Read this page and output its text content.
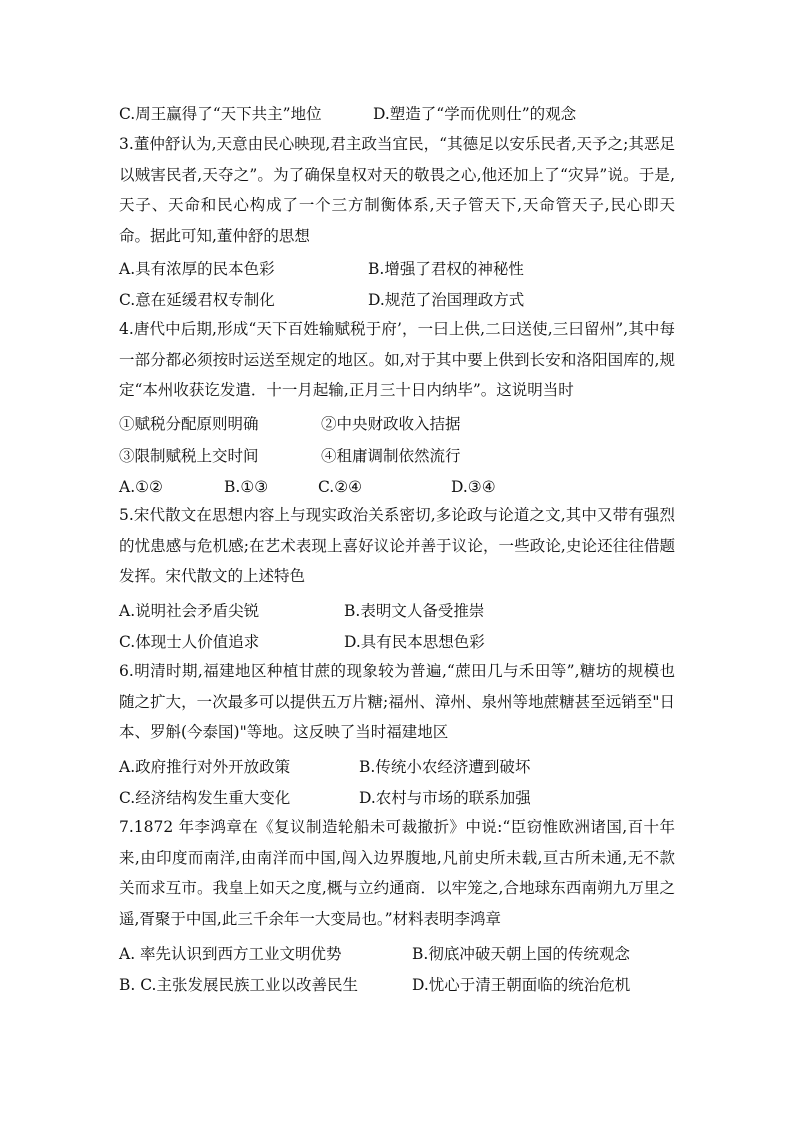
C.周王赢得了“天下共主”地位	D.塑造了“学而优则仕”的观念
3.董仲舒认为,天意由民心映现,君主政当宜民，“其德足以安乐民者,天予之;其恶足以贼害民者,天夺之”。为了确保皇权对天的敬畏之心,他还加上了“灾异”说。于是,天子、天命和民心构成了一个三方制衡体系,天子管天下,天命管天子,民心即天命。据此可知,董仲舒的思想
A.具有浓厚的民本色彩	B.增强了君权的神秘性
C.意在延缓君权专制化	D.规范了治国理政方式
4.唐代中后期,形成“天下百姓输赋税于府’，一曰上供,二曰送使,三曰留州”,其中每一部分都必须按时运送至规定的地区。如,对于其中要上供到长安和洛阳国库的,规定“本州收获讫发遣．十一月起输,正月三十日内纳毕”。这说明当时
①赋税分配原则明确	②中央财政收入拮据
③限制赋税上交时间	④租庸调制依然流行
A.①②	B.①③	C.②④	D.③④
5.宋代散文在思想内容上与现实政治关系密切,多论政与论道之文,其中又带有强烈的忧患感与危机感;在艺术表现上喜好议论并善于议论，一些政论,史论还往往借题发挥。宋代散文的上述特色
A.说明社会矛盾尖锐	B.表明文人备受推崇
C.体现士人价值追求	D.具有民本思想色彩
6.明清时期,福建地区种植甘蔗的现象较为普遍,“蔗田几与禾田等”,糖坊的规模也随之扩大，一次最多可以提供五万片糖;福州、漳州、泉州等地蔗糖甚至远销至"日本、罗斛(今泰国)"等地。这反映了当时福建地区
A.政府推行对外开放政策	B.传统小农经济遭到破坏
C.经济结构发生重大变化	D.农村与市场的联系加强
7.1872 年李鸿章在《复议制造轮船未可裁撤折》中说:“臣窃惟欧洲诸国,百十年来,由印度而南洋,由南洋而中国,闯入边界腹地,凡前史所未载,亘古所未通,无不款关而求互市。我皇上如天之度,概与立约通商．以牢笼之,合地球东西南朔九万里之遥,胥聚于中国,此三千余年一大变局也。”材料表明李鸿章
A. 率先认识到西方工业文明优势	B.彻底冲破天朝上国的传统观念
B. C.主张发展民族工业以改善民生	D.忧心于清王朝面临的统治危机
